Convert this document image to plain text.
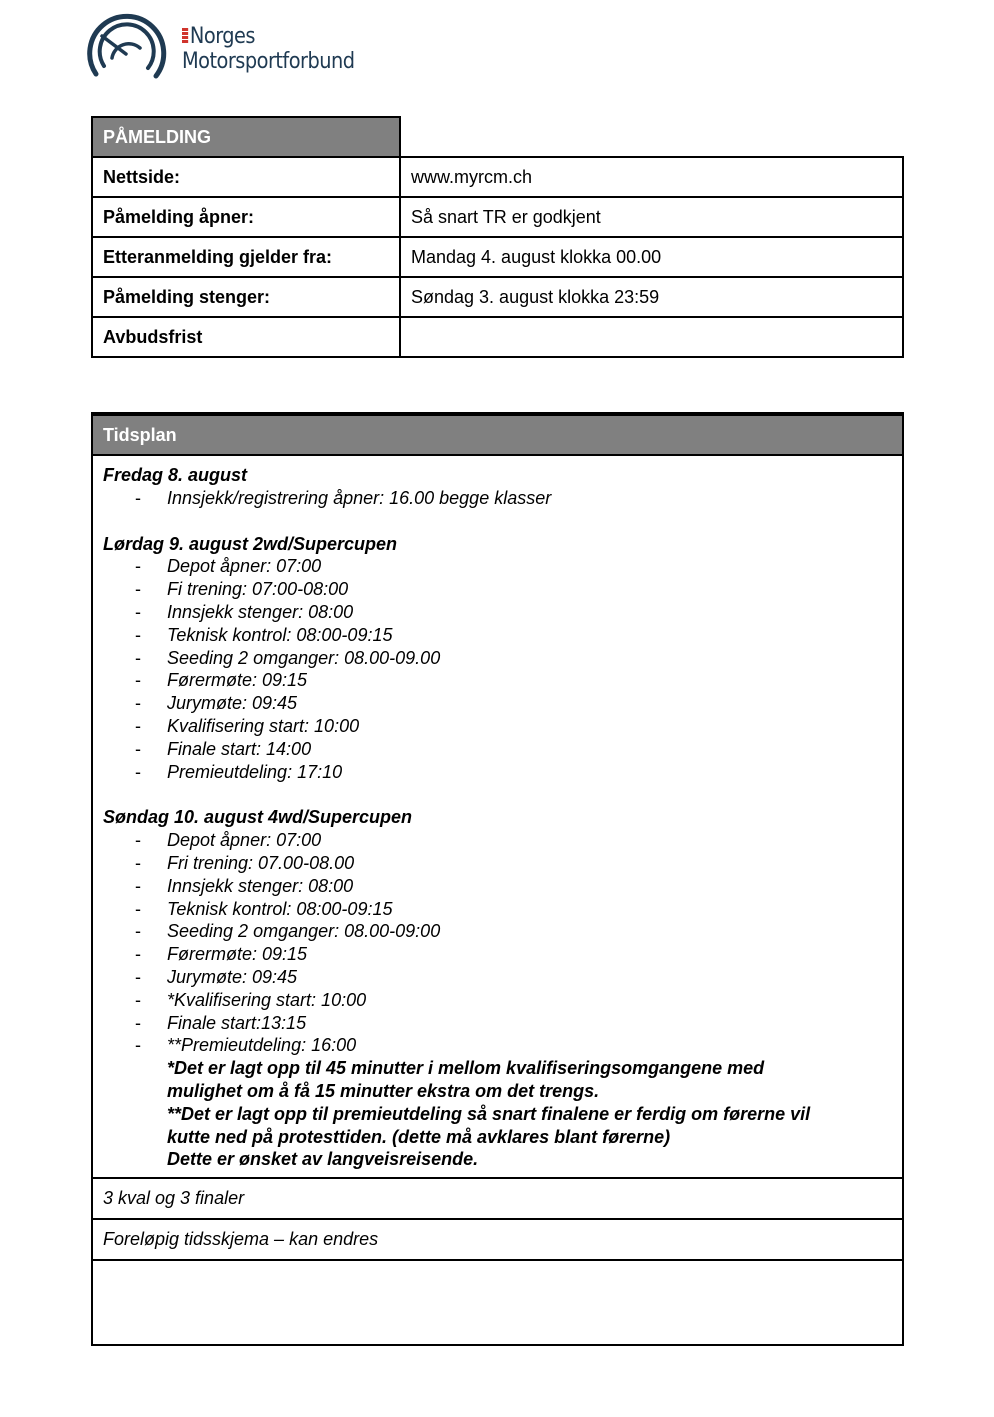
Norges
Motorsportforbund
PÅMELDING	
Nettside:	www.myrcm.ch
Påmelding åpner:	Så snart TR er godkjent
Etteranmelding gjelder fra:	Mandag 4. august klokka 00.00
Påmelding stenger:	Søndag 3. august klokka 23:59
Avbudsfrist	
Tidsplan
Fredag 8. august
- Innsjekk/registrering åpner: 16.00 begge klasser
Lørdag 9. august 2wd/Supercupen
- Depot åpner: 07:00
- Fi trening: 07:00-08:00
- Innsjekk stenger: 08:00
- Teknisk kontrol: 08:00-09:15
- Seeding 2 omganger: 08.00-09.00
- Førermøte: 09:15
- Jurymøte: 09:45
- Kvalifisering start: 10:00
- Finale start: 14:00
- Premieutdeling: 17:10
Søndag 10. august 4wd/Supercupen
- Depot åpner: 07:00
- Fri trening: 07.00-08.00
- Innsjekk stenger: 08:00
- Teknisk kontrol: 08:00-09:15
- Seeding 2 omganger: 08.00-09:00
- Førermøte: 09:15
- Jurymøte: 09:45
- *Kvalifisering start: 10:00
- Finale start:13:15
- **Premieutdeling: 16:00
*Det er lagt opp til 45 minutter i mellom kvalifiseringsomgangene med
mulighet om å få 15 minutter ekstra om det trengs.
**Det er lagt opp til premieutdeling så snart finalene er ferdig om førerne vil
kutte ned på protesttiden. (dette må avklares blant førerne)
Dette er ønsket av langveisreisende.
3 kval og 3 finaler
Foreløpig tidsskjema – kan endres
